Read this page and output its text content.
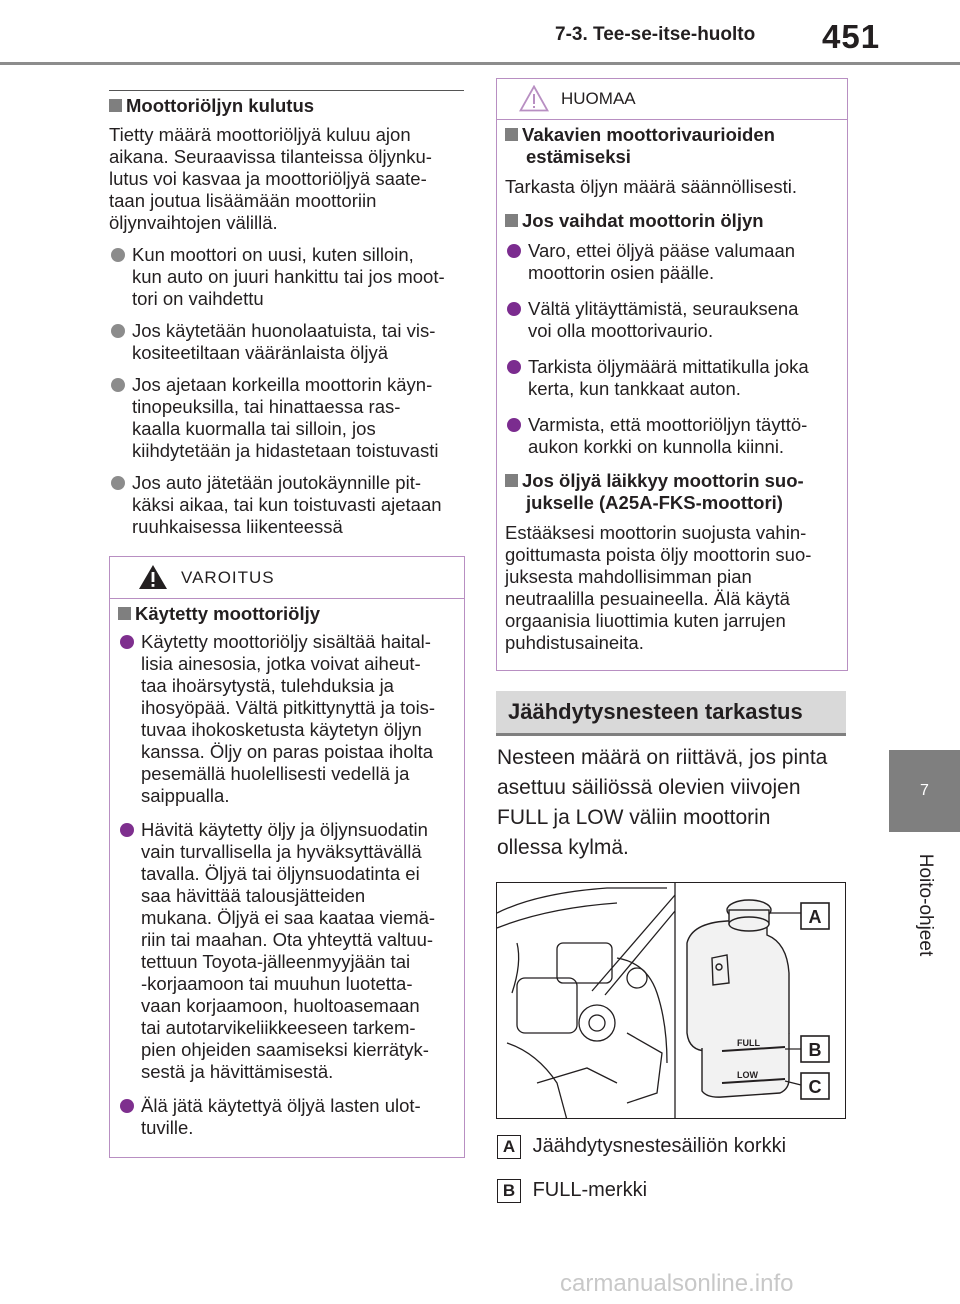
7-3. Tee-se-itse-huolto 451
7
Hoito-ohjeet
Moottoriöljyn kulutus
Tietty määrä moottoriöljyä kuluu ajon
aikana. Seuraavissa tilanteissa öljynku-
lutus voi kasvaa ja moottoriöljyä saate-
taan joutua lisäämään moottoriin
öljynvaihtojen välillä.
Kun moottori on uusi, kuten silloin,
kun auto on juuri hankittu tai jos moot-
tori on vaihdettu
Jos käytetään huonolaatuista, tai vis-
kositeetiltaan vääränlaista öljyä
Jos ajetaan korkeilla moottorin käyn-
tinopeuksilla, tai hinattaessa ras-
kaalla kuormalla tai silloin, jos
kiihdytetään ja hidastetaan toistuvasti
Jos auto jätetään joutokäynnille pit-
käksi aikaa, tai kun toistuvasti ajetaan
ruuhkaisessa liikenteessä
VAROITUS
Käytetty moottoriöljy
Käytetty moottoriöljy sisältää haital-
lisia ainesosia, jotka voivat aiheut-
taa ihoärsytystä, tulehduksia ja
ihosyöpää. Vältä pitkittynyttä ja tois-
tuvaa ihokosketusta käytetyn öljyn
kanssa. Öljy on paras poistaa iholta
pesemällä huolellisesti vedellä ja
saippualla.
Hävitä käytetty öljy ja öljynsuodatin
vain turvallisella ja hyväksyttävällä
tavalla. Öljyä tai öljynsuodatinta ei
saa hävittää talousjätteiden
mukana. Öljyä ei saa kaataa viemä-
riin tai maahan. Ota yhteyttä valtuu-
tettuun Toyota-jälleenmyyjään tai
-korjaamoon tai muuhun luotetta-
vaan korjaamoon, huoltoasemaan
tai autotarvikeliikkeeseen tarkem-
pien ohjeiden saamiseksi kierrätyk-
sestä ja hävittämisestä.
Älä jätä käytettyä öljyä lasten ulot-
tuville.
HUOMAA
Vakavien moottorivaurioiden
estämiseksi
Tarkasta öljyn määrä säännöllisesti.
Jos vaihdat moottorin öljyn
Varo, ettei öljyä pääse valumaan
moottorin osien päälle.
Vältä ylitäyttämistä, seurauksena
voi olla moottorivaurio.
Tarkista öljymäärä mittatikulla joka
kerta, kun tankkaat auton.
Varmista, että moottoriöljyn täyttö-
aukon korkki on kunnolla kiinni.
Jos öljyä läikkyy moottorin suo-
jukselle (A25A-FKS-moottori)
Estääksesi moottorin suojusta vahin-
goittumasta poista öljy moottorin suo-
juksesta mahdollisimman pian
neutraalilla pesuaineella. Älä käytä
orgaanisia liuottimia kuten jarrujen
puhdistusaineita.
Jäähdytysnesteen tarkastus
Nesteen määrä on riittävä, jos pinta
asettuu säiliössä olevien viivojen
FULL ja LOW väliin moottorin
ollessa kylmä.
FULL
LOW
A
B
C
A Jäähdytysnestesäiliön korkki
B FULL-merkki
carmanualsonline.info
